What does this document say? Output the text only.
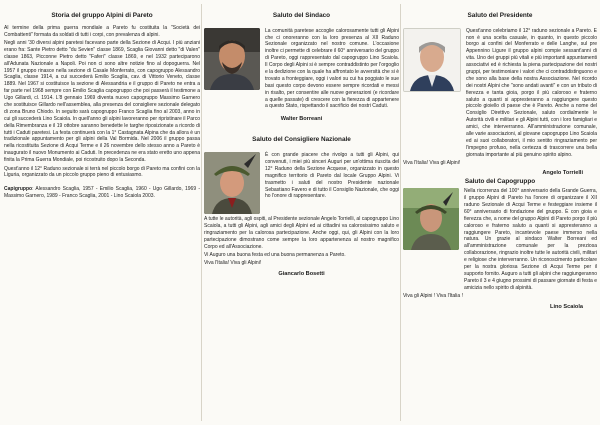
Storia del gruppo Alpini di Pareto

Al termine della prima guerra mondiale a Pareto fu costituita la "Società dei Combattenti" formata da soldati di tutti i corpi, con prevalenza di alpini.

Negli anni '30 diversi alpini paretesi facevano parte della Sezione di Acqui. I più anziani erano fra: Sante Pietro detto "du Sevien" classe 1869, Scaglia Giovanni detto "di Valen" classe 1863, Picconne Pietro detto "Faferi" classe 1869, e nel 1932 parteciparono all'Adunata Nazionale a Napoli. Poi non ci sono altre notizie fino al dopoguerra. Nel 1957 il gruppo rinasce nella sezione di Casale Monferrato, con capogruppo Alessandro Scaglia, classe 1914, a cui succederà Emilio Scaglia, cav. di Vittorio Veneto, classe 1889. Nel 1967 si costituisce la sezione di Alessandria e il gruppo di Pareto ne entra a far parte nel 1968 sempre con Emilio Scaglia capogruppo che poi passerà il testimone a Ugo Gillardi, cl. 1914. L'8 gennaio 1969 diventa nuovo capogruppo Massimo Garnero che sostituisce Gillardo nell'assemblea, alla presenza del consigliere sezionale delegato di zona Bruno Chiodo. In seguito sarà capogruppo Franco Scaglia fino al 2003, anno in cui gli succederà Lino Scaiola. In quell'anno gli alpini lavoreranno per ripristinare il Parco della Rimembranza e il 19 ottobre saranno benedette le targhe riposizionate a ricordo di tutti i Caduti paretesi. La festa continuerà con la 1° Castagnata Alpina che da allora è un tradizionale appuntamento per gli alpini della Val Bormida. Nel 2006 il gruppo passa nella ricostituita Sezione di Acqui Terme e il 26 novembre dello stesso anno a Pareto è inaugurato il nuovo Monumento ai Caduti. In precedenza ne era stato eretto uno appena finita la Prima Guerra Mondiale, poi ricostruito dopo la Seconda.

Quest'anno il 12° Raduno sezionale si terrà nel piccolo borgo di Pareto ma confini con la Liguria, organizzato da un piccolo gruppo pieno di entusiasmo.

Capigruppo: Alessandro Scaglia, 1957 - Emilio Scaglia, 1960 - Ugo Gillardo, 1969 - Massimo Garnero, 1989 - Franco Scaglia, 2001 - Lino Scaiola 2003.

Saluto del Sindaco

La comunità paretese accoglie calorosamente tutti gli Alpini che ci onoreranno con la loro presenza al XII Raduno Sezionale organizzato nel nostro comune. L'occasione inoltre ci permette di celebrare il 60° anniversario del gruppo di Pareto, oggi rappresentato dal capogruppo Lino Scaiola. Il Corpo degli Alpini si è sempre contraddistinto per l'orgoglio e la dedizione con la quale ha affrontato le avversità che si è trovato a fronteggiare, oggi i valori su cui ha poggiato le sue basi questo corpo devono essere sempre ricordati e messi in risalto, per consentire alle nuove generazioni (e ricordare a quelle passate) di crescere con la fierezza di appartenere a questo Stato, rispettando il sacrificio dei nostri Caduti.

Walter Borreani
Saluto del Consigliere Nazionale

È con grande piacere che rivolgo a tutti gli Alpini, qui convenuti, i miei più sinceri Auguri per un'ottima riuscita del 12° Raduno della Sezione Acquese, organizzato in questo magnifico territorio di Pareto dal locale Gruppo Alpini. Vi trasmetto i saluti del nostro Presidente nazionale Sebastiano Favero e di tutto il Consiglio Nazionale, che oggi ho l'onore di rappresentare.

A tutte le autorità, agli ospiti, al Presidente sezionale Angelo Torrielli, al capogruppo Lino Scaiola, a tutti gli Alpini, agli amici degli Alpini ed ai cittadini va calorosissimo saluto e ringraziamento per la calorosa partecipazione. Anche oggi, qui, gli Alpini con la loro partecipazione dimostrano come sempre la loro appartenenza al nostro magnifico Corpo ed all'Associazione.

Vi Auguro una buona festa ed una buona permanenza a Pareto.

Viva l'Italia! Viva gli Alpini!

Giancarlo Bosetti
Saluto del Presidente

Quest'anno celebriamo il 12° raduno sezionale a Pareto. E non è una scelta casuale, in quanto, in questo piccolo borgo ai confini del Monferrato e delle Langhe, sul pre Appennino Ligure il gruppo alpini compie sessant'anni di vita. Uno dei gruppi più vitali e più importanti appuntamenti associativi ed è richiesta la piena partecipazione dei nostri gruppi, per testimoniare i valori che ci contraddistinguono e che sono alla base della nostra Associazione. Nel ricordo dei nostri Alpini che "sono andati avanti" e con un tributo di fierezza e tanta gioia, porgo il più caloroso e fraterno saluto a quanti si appresteranno a raggiungere questo piccolo gioiello di paese che è Pareto. Anche a nome del Consiglio Direttivo Sezionale, saluto cordialmente le Autorità civili e militari e gli Alpini tutti, con i loro famigliari e amici, che interverranno. All'amministrazione comunale, alle varie associazioni, al giovane capogruppo Lino Scaiola ed ai suoi collaboratori, il mio sentito ringraziamento per l'impegno profuso, nella certezza di trascorrere una bella giornata importante al più genuino spirito alpino.

Viva l'Italia! Viva gli Alpini!

Angelo Torrielli
Saluto del Capogruppo

Nella ricorrenza del 100° anniversario della Grande Guerra, il gruppo Alpini di Pareto ha l'onore di organizzare il XII raduno Sezionale di Acqui Terme e festeggiare insieme il 60° anniversario di fondazione del gruppo. È con gioia e fierezza che, a nome del gruppo Alpini di Pareto porgo il più caloroso e fraterno saluto a quanti si appresteranno a raggiungere Pareto, incantevole paese immerso nella natura. Un grazie al sindaco Walter Borreani ed all'amministrazione comunale per la preziosa collaborazione, ringrazio inoltre tutte le autorità civili, militari e religiose che interverranno. Un riconoscimento particolare per la nostra gloriosa Sezione di Acqui Terme per il supporto fornito. Auguro a tutti gli alpini che raggiungeranno Pareto il 3 e 4 giugno prossimi di passare giornate di festa e amicizia nello spirito di alpinità.

Viva gli Alpini ! Viva l'Italia !

Lino Scaiola
